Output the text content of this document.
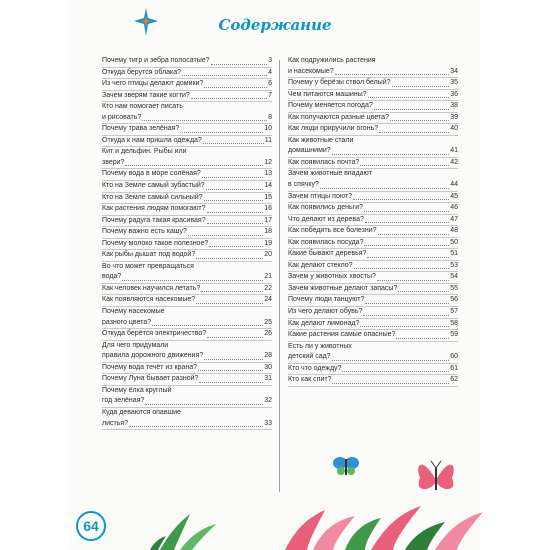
Содержание
Почему тигр и зебра полосатые?	3
Откуда берутся облака?	4
Из чего птицы делают домики?	6
Зачем зверям такие когти?	7
Кто нам помогает писать
и рисовать?	8
Почему трава зелёная?	10
Откуда к нам пришла одежда?	11
Кит и дельфин. Рыбы или
звери?	12
Почему вода в море солёная?	13
Кто на Земле самый зубастый?	14
Кто на Земле самый сильный?	15
Как растения людям помогают?	16
Почему радуга такая красивая?	17
Почему важно есть кашу?	18
Почему молоко такое полезное?	19
Как рыбы дышат под водой?	20
Во что может превращаться
вода?	21
Как человек научился летать?	22
Как появляются насекомые?	24
Почему насекомые
разного цвета?	25
Откуда берётся электричество?	26
Для чего придумали
правила дорожного движения?	28
Почему вода течёт из крана?	30
Почему Луна бывает разной?	31
Почему ёлка круглый
год зелёная?	32
Куда деваются опавшие
листья?	33
Как подружились растения
и насекомые?	34
Почему у берёзы ствол белый?	35
Чем питаются машины?	36
Почему меняется погода?	38
Как получаются разные цвета?	39
Как люди приручили огонь?	40
Как животные стали
домашними?	41
Как появилась почта?	42
Зачем животные впадают
в спячку?	44
Зачем птицы поют?	45
Как появились деньги?	46
Что делают из дерева?	47
Как победить все болезни?	48
Как появилась посуда?	50
Какие бывают деревья?	51
Как делают стекло?	53
Зачем у животных хвосты?	54
Зачем животные делают запасы?	55
Почему люди танцуют?	56
Из чего делают обувь?	57
Как делают лимонад?	58
Какие растения самые опасные?	59
Есть ли у животных
детский сад?	60
Кто что одежду?	61
Кто как спит?	62
64
